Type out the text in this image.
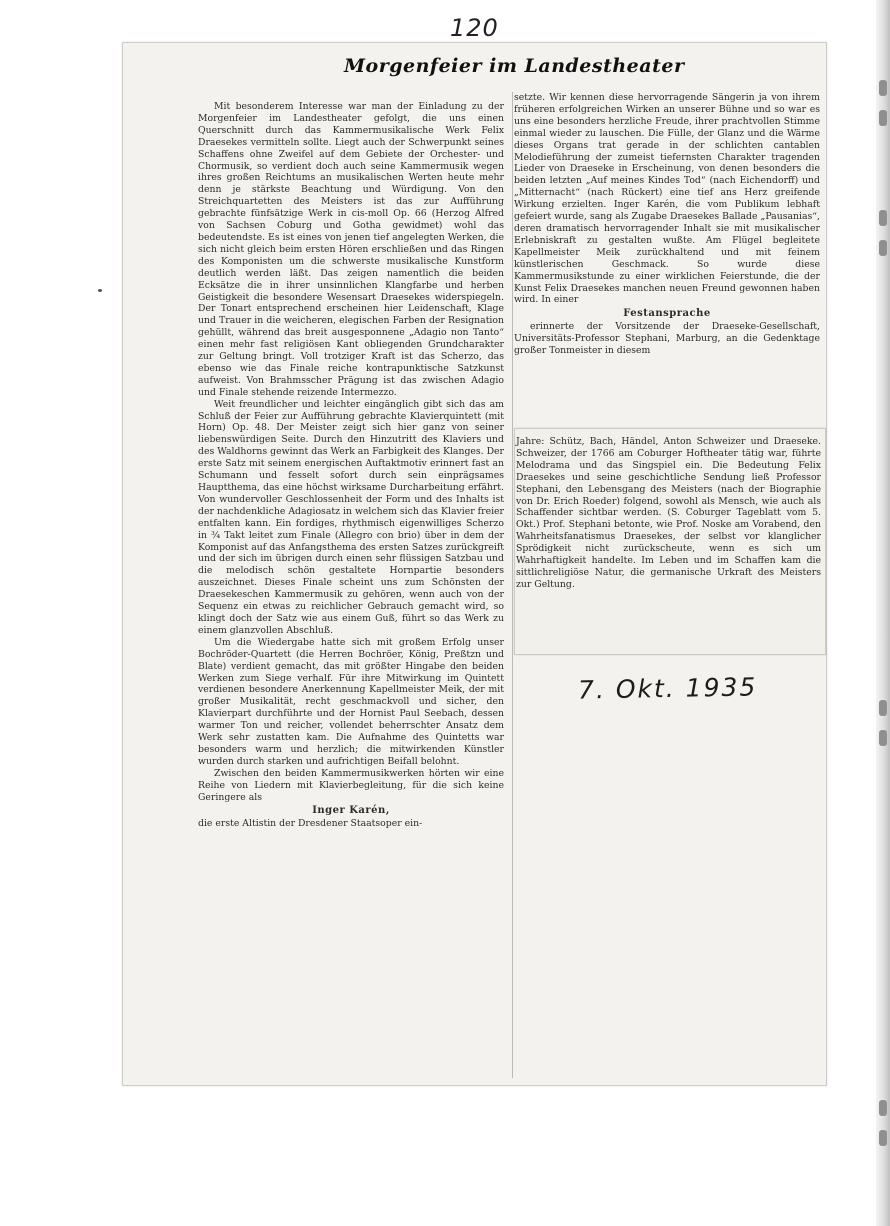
120
Morgenfeier im Landestheater

Mit besonderem Interesse war man der Einladung zu der Morgenfeier im Landestheater gefolgt, die uns einen Querschnitt durch das Kammermusikalische Werk Felix Draesekes vermitteln sollte. Liegt auch der Schwerpunkt seines Schaffens ohne Zweifel auf dem Gebiete der Orchester- und Chormusik, so verdient doch auch seine Kammermusik wegen ihres großen Reichtums an musikalischen Werten heute mehr denn je stärkste Beachtung und Würdigung. Von den Streichquartetten des Meisters ist das zur Aufführung gebrachte fünfsätzige Werk in cis-moll Op. 66 (Herzog Alfred von Sachsen Coburg und Gotha gewidmet) wohl das bedeutendste. Es ist eines von jenen tief angelegten Werken, die sich nicht gleich beim ersten Hören erschließen und das Ringen des Komponisten um die schwerste musikalische Kunstform deutlich werden läßt. Das zeigen namentlich die beiden Ecksätze die in ihrer unsinnlichen Klangfarbe und herben Geistigkeit die besondere Wesensart Draesekes widerspiegeln. Der Tonart entsprechend erscheinen hier Leidenschaft, Klage und Trauer in die weicheren, elegischen Farben der Resignation gehüllt, während das breit ausgesponnene „Adagio non Tanto“ einen mehr fast religiösen Kant obliegenden Grundcharakter zur Geltung bringt. Voll trotziger Kraft ist das Scherzo, das ebenso wie das Finale reiche kontrapunktische Satzkunst aufweist. Von Brahmsscher Prägung ist das zwischen Adagio und Finale stehende reizende Intermezzo.

Weit freundlicher und leichter eingänglich gibt sich das am Schluß der Feier zur Aufführung gebrachte Klavierquintett (mit Horn) Op. 48. Der Meister zeigt sich hier ganz von seiner liebenswürdigen Seite. Durch den Hinzutritt des Klaviers und des Waldhorns gewinnt das Werk an Farbigkeit des Klanges. Der erste Satz mit seinem energischen Auftaktmotiv erinnert fast an Schumann und fesselt sofort durch sein einprägsames Hauptthema, das eine höchst wirksame Durcharbeitung erfährt. Von wundervoller Geschlossenheit der Form und des Inhalts ist der nachdenkliche Adagiosatz in welchem sich das Klavier freier entfalten kann. Ein fordiges, rhythmisch eigenwilliges Scherzo in ¾ Takt leitet zum Finale (Allegro con brio) über in dem der Komponist auf das Anfangsthema des ersten Satzes zurückgreift und der sich im übrigen durch einen sehr flüssigen Satzbau und die melodisch schön gestaltete Hornpartie besonders auszeichnet. Dieses Finale scheint uns zum Schönsten der Draesekeschen Kammermusik zu gehören, wenn auch von der Sequenz ein etwas zu reichlicher Gebrauch gemacht wird, so klingt doch der Satz wie aus einem Guß, führt so das Werk zu einem glanzvollen Abschluß.

Um die Wiedergabe hatte sich mit großem Erfolg unser Bochröder-Quartett (die Herren Bochröer, König, Preßtzn und Blate) verdient gemacht, das mit größter Hingabe den beiden Werken zum Siege verhalf. Für ihre Mitwirkung im Quintett verdienen besondere Anerkennung Kapellmeister Meik, der mit großer Musikalität, recht geschmackvoll und sicher, den Klavierpart durchführte und der Hornist Paul Seebach, dessen warmer Ton und reicher, vollendet beherrschter Ansatz dem Werk sehr zustatten kam. Die Aufnahme des Quintetts war besonders warm und herzlich; die mitwirkenden Künstler wurden durch starken und aufrichtigen Beifall belohnt.

Zwischen den beiden Kammermusikwerken hörten wir eine Reihe von Liedern mit Klavierbegleitung, für die sich keine Geringere als

Inger Karén,

die erste Altistin der Dresdener Staatsoper ein-

setzte. Wir kennen diese hervorragende Sängerin ja von ihrem früheren erfolgreichen Wirken an unserer Bühne und so war es uns eine besonders herzliche Freude, ihrer prachtvollen Stimme einmal wieder zu lauschen. Die Fülle, der Glanz und die Wärme dieses Organs trat gerade in der schlichten cantablen Melodieführung der zumeist tiefernsten Charakter tragenden Lieder von Draeseke in Erscheinung, von denen besonders die beiden letzten „Auf meines Kindes Tod“ (nach Eichendorff) und „Mitternacht“ (nach Rückert) eine tief ans Herz greifende Wirkung erzielten. Inger Karén, die vom Publikum lebhaft gefeiert wurde, sang als Zugabe Draesekes Ballade „Pausanias“, deren dramatisch hervorragender Inhalt sie mit musikalischer Erlebniskraft zu gestalten wußte. Am Flügel begleitete Kapellmeister Meik zurückhaltend und mit feinem künstlerischen Geschmack. So wurde diese Kammermusikstunde zu einer wirklichen Feierstunde, die der Kunst Felix Draesekes manchen neuen Freund gewonnen haben wird. In einer

Festansprache

erinnerte der Vorsitzende der Draeseke-Gesellschaft, Universitäts-Professor Stephani, Marburg, an die Gedenktage großer Tonmeister in diesem

Jahre: Schütz, Bach, Händel, Anton Schweizer und Draeseke. Schweizer, der 1766 am Coburger Hoftheater tätig war, führte Melodrama und das Singspiel ein. Die Bedeutung Felix Draesekes und seine geschichtliche Sendung ließ Professor Stephani, den Lebensgang des Meisters (nach der Biographie von Dr. Erich Roeder) folgend, sowohl als Mensch, wie auch als Schaffender sichtbar werden. (S. Coburger Tageblatt vom 5. Okt.) Prof. Stephani betonte, wie Prof. Noske am Vorabend, den Wahrheitsfanatismus Draesekes, der selbst vor klanglicher Sprödigkeit nicht zurückscheute, wenn es sich um Wahrhaftigkeit handelte. Im Leben und im Schaffen kam die sittlichreligiöse Natur, die germanische Urkraft des Meisters zur Geltung.

7. Okt. 1935
